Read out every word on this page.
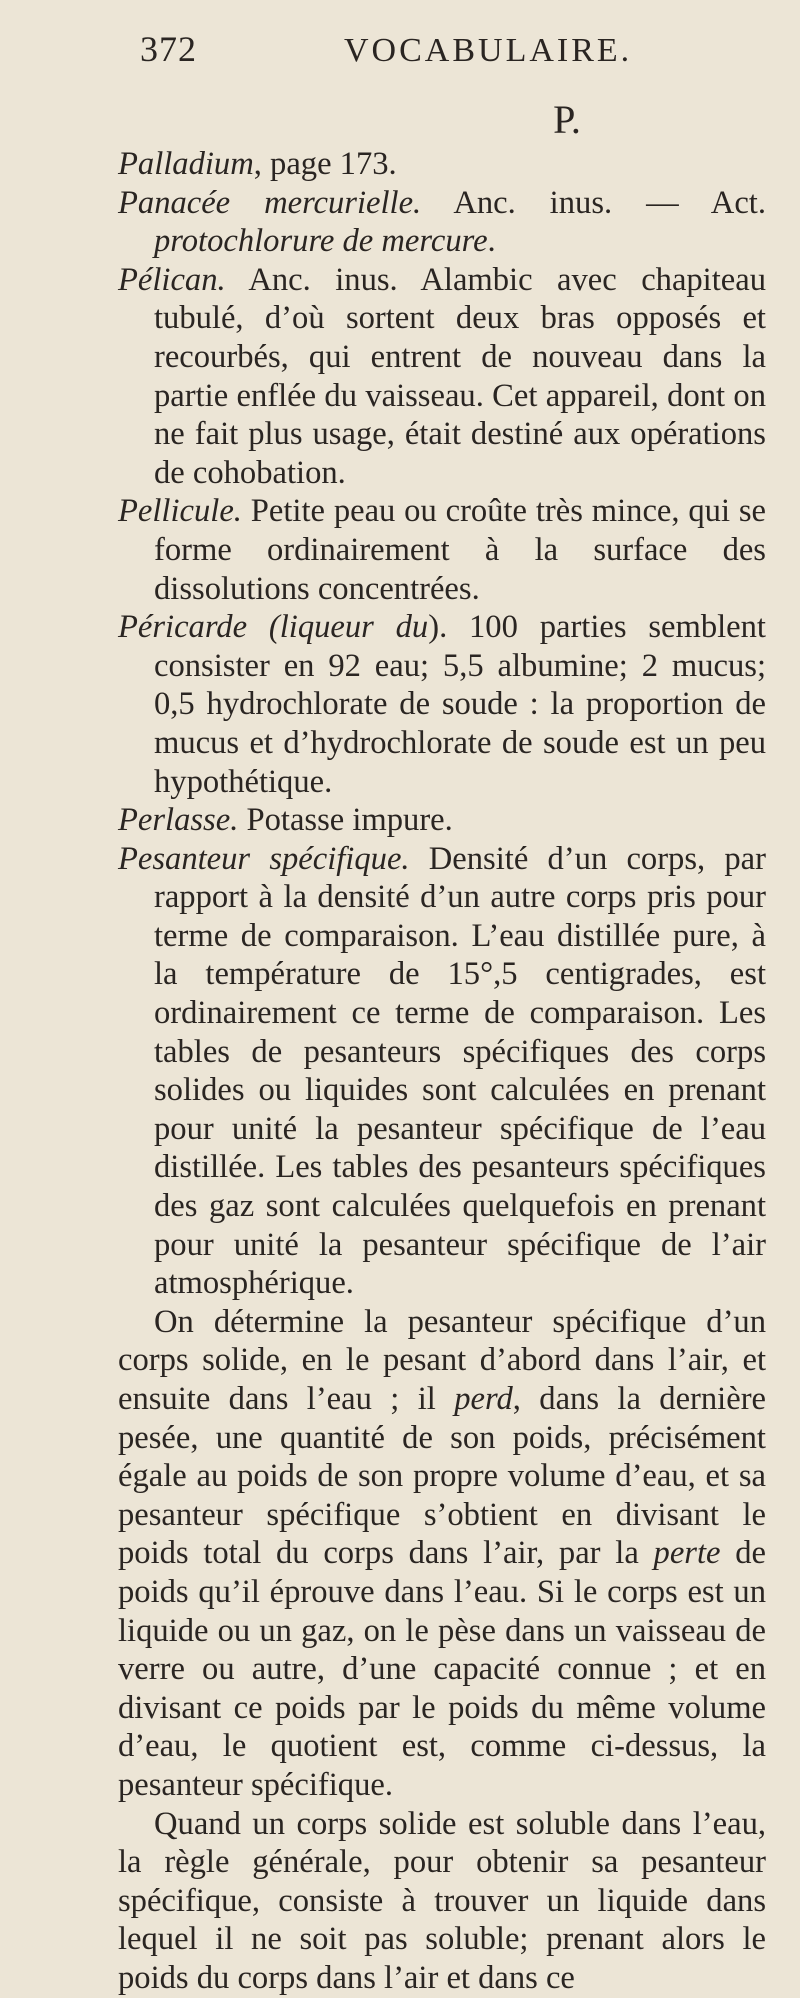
372	VOCABULAIRE.
P.

Palladium, page 173.

Panacée mercurielle. Anc. inus. — Act. protochlorure de mercure.

Pélican. Anc. inus. Alambic avec chapiteau tubulé, d’où sortent deux bras opposés et recourbés, qui entrent de nouveau dans la partie enflée du vaisseau. Cet appareil, dont on ne fait plus usage, était destiné aux opérations de cohobation.

Pellicule. Petite peau ou croûte très mince, qui se forme ordinairement à la surface des dissolutions concentrées.

Péricarde (liqueur du). 100 parties semblent consister en 92 eau; 5,5 albumine; 2 mucus; 0,5 hydrochlorate de soude : la proportion de mucus et d’hydrochlorate de soude est un peu hypothétique.

Perlasse. Potasse impure.

Pesanteur spécifique. Densité d’un corps, par rapport à la densité d’un autre corps pris pour terme de comparaison. L’eau distillée pure, à la température de 15°,5 centigrades, est ordinairement ce terme de comparaison. Les tables de pesanteurs spécifiques des corps solides ou liquides sont calculées en prenant pour unité la pesanteur spécifique de l’eau distillée. Les tables des pesanteurs spécifiques des gaz sont calculées quelquefois en prenant pour unité la pesanteur spécifique de l’air atmosphérique.

On détermine la pesanteur spécifique d’un corps solide, en le pesant d’abord dans l’air, et ensuite dans l’eau ; il perd, dans la dernière pesée, une quantité de son poids, précisément égale au poids de son propre volume d’eau, et sa pesanteur spécifique s’obtient en divisant le poids total du corps dans l’air, par la perte de poids qu’il éprouve dans l’eau. Si le corps est un liquide ou un gaz, on le pèse dans un vaisseau de verre ou autre, d’une capacité connue ; et en divisant ce poids par le poids du même volume d’eau, le quotient est, comme ci-dessus, la pesanteur spécifique.

Quand un corps solide est soluble dans l’eau, la règle générale, pour obtenir sa pesanteur spécifique, consiste à trouver un liquide dans lequel il ne soit pas soluble; prenant alors le poids du corps dans l’air et dans ce
